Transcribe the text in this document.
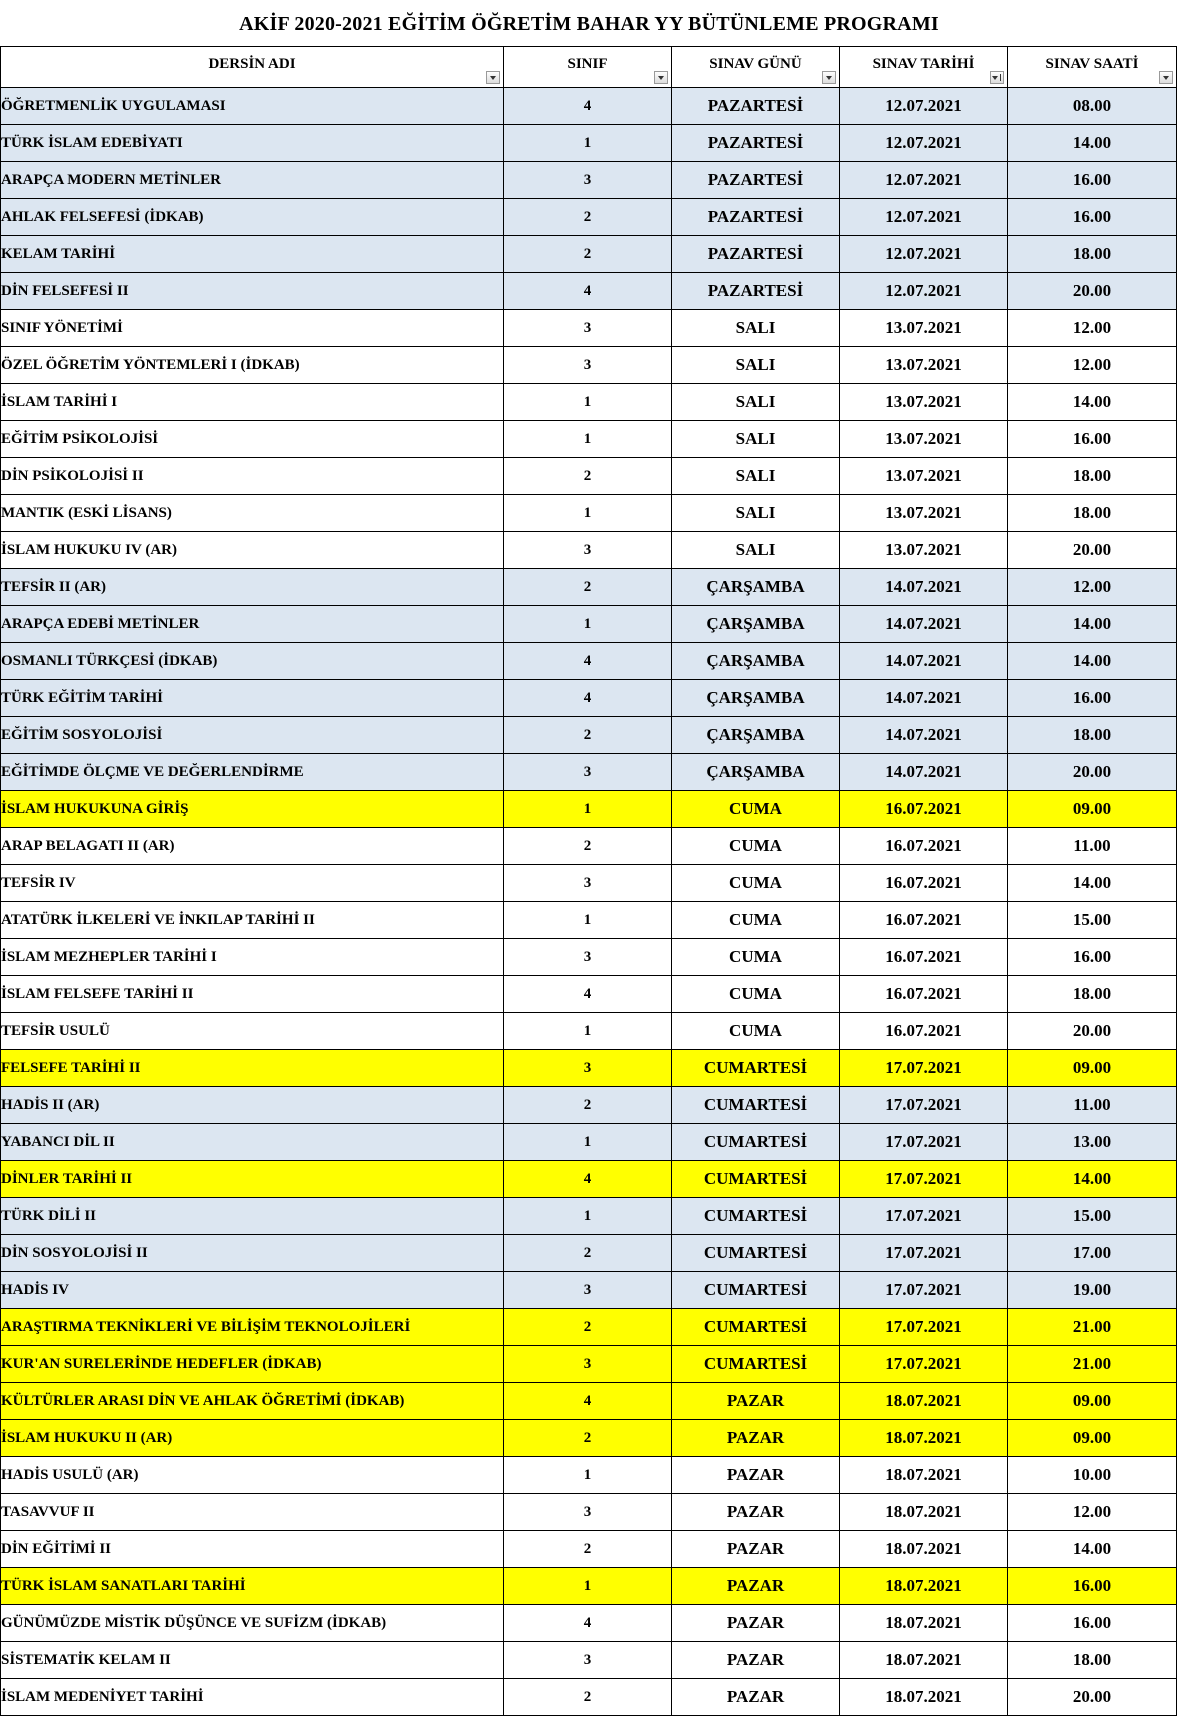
AKİF 2020-2021 EĞİTİM ÖĞRETİM BAHAR YY BÜTÜNLEME PROGRAMI
DERSİN ADI	SINIF	SINAV GÜNÜ	SINAV TARİHİ	SINAV SAATİ

ÖĞRETMENLİK UYGULAMASI	4	PAZARTESİ	12.07.2021	08.00
TÜRK İSLAM EDEBİYATI	1	PAZARTESİ	12.07.2021	14.00
ARAPÇA MODERN METİNLER	3	PAZARTESİ	12.07.2021	16.00
AHLAK FELSEFESİ (İDKAB)	2	PAZARTESİ	12.07.2021	16.00
KELAM TARİHİ	2	PAZARTESİ	12.07.2021	18.00
DİN FELSEFESİ II	4	PAZARTESİ	12.07.2021	20.00
SINIF YÖNETİMİ	3	SALI	13.07.2021	12.00
ÖZEL ÖĞRETİM YÖNTEMLERİ I (İDKAB)	3	SALI	13.07.2021	12.00
İSLAM TARİHİ I	1	SALI	13.07.2021	14.00
EĞİTİM PSİKOLOJİSİ	1	SALI	13.07.2021	16.00
DİN PSİKOLOJİSİ II	2	SALI	13.07.2021	18.00
MANTIK (ESKİ LİSANS)	1	SALI	13.07.2021	18.00
İSLAM HUKUKU IV (AR)	3	SALI	13.07.2021	20.00
TEFSİR II (AR)	2	ÇARŞAMBA	14.07.2021	12.00
ARAPÇA EDEBİ METİNLER	1	ÇARŞAMBA	14.07.2021	14.00
OSMANLI TÜRKÇESİ (İDKAB)	4	ÇARŞAMBA	14.07.2021	14.00
TÜRK EĞİTİM TARİHİ	4	ÇARŞAMBA	14.07.2021	16.00
EĞİTİM SOSYOLOJİSİ	2	ÇARŞAMBA	14.07.2021	18.00
EĞİTİMDE ÖLÇME VE DEĞERLENDİRME	3	ÇARŞAMBA	14.07.2021	20.00
İSLAM HUKUKUNA GİRİŞ	1	CUMA	16.07.2021	09.00
ARAP BELAGATI II (AR)	2	CUMA	16.07.2021	11.00
TEFSİR IV	3	CUMA	16.07.2021	14.00
ATATÜRK İLKELERİ VE İNKILAP TARİHİ II	1	CUMA	16.07.2021	15.00
İSLAM MEZHEPLER TARİHİ I	3	CUMA	16.07.2021	16.00
İSLAM FELSEFE TARİHİ II	4	CUMA	16.07.2021	18.00
TEFSİR USULÜ	1	CUMA	16.07.2021	20.00
FELSEFE TARİHİ II	3	CUMARTESİ	17.07.2021	09.00
HADİS II (AR)	2	CUMARTESİ	17.07.2021	11.00
YABANCI DİL II	1	CUMARTESİ	17.07.2021	13.00
DİNLER TARİHİ II	4	CUMARTESİ	17.07.2021	14.00
TÜRK DİLİ II	1	CUMARTESİ	17.07.2021	15.00
DİN SOSYOLOJİSİ II	2	CUMARTESİ	17.07.2021	17.00
HADİS IV	3	CUMARTESİ	17.07.2021	19.00
ARAŞTIRMA TEKNİKLERİ VE BİLİŞİM TEKNOLOJİLERİ	2	CUMARTESİ	17.07.2021	21.00
KUR'AN SURELERİNDE HEDEFLER (İDKAB)	3	CUMARTESİ	17.07.2021	21.00
KÜLTÜRLER ARASI DİN VE AHLAK ÖĞRETİMİ (İDKAB)	4	PAZAR	18.07.2021	09.00
İSLAM HUKUKU II (AR)	2	PAZAR	18.07.2021	09.00
HADİS USULÜ (AR)	1	PAZAR	18.07.2021	10.00
TASAVVUF II	3	PAZAR	18.07.2021	12.00
DİN EĞİTİMİ II	2	PAZAR	18.07.2021	14.00
TÜRK İSLAM SANATLARI TARİHİ	1	PAZAR	18.07.2021	16.00
GÜNÜMÜZDE MİSTİK DÜŞÜNCE VE SUFİZM (İDKAB)	4	PAZAR	18.07.2021	16.00
SİSTEMATİK KELAM II	3	PAZAR	18.07.2021	18.00
İSLAM MEDENİYET TARİHİ	2	PAZAR	18.07.2021	20.00
